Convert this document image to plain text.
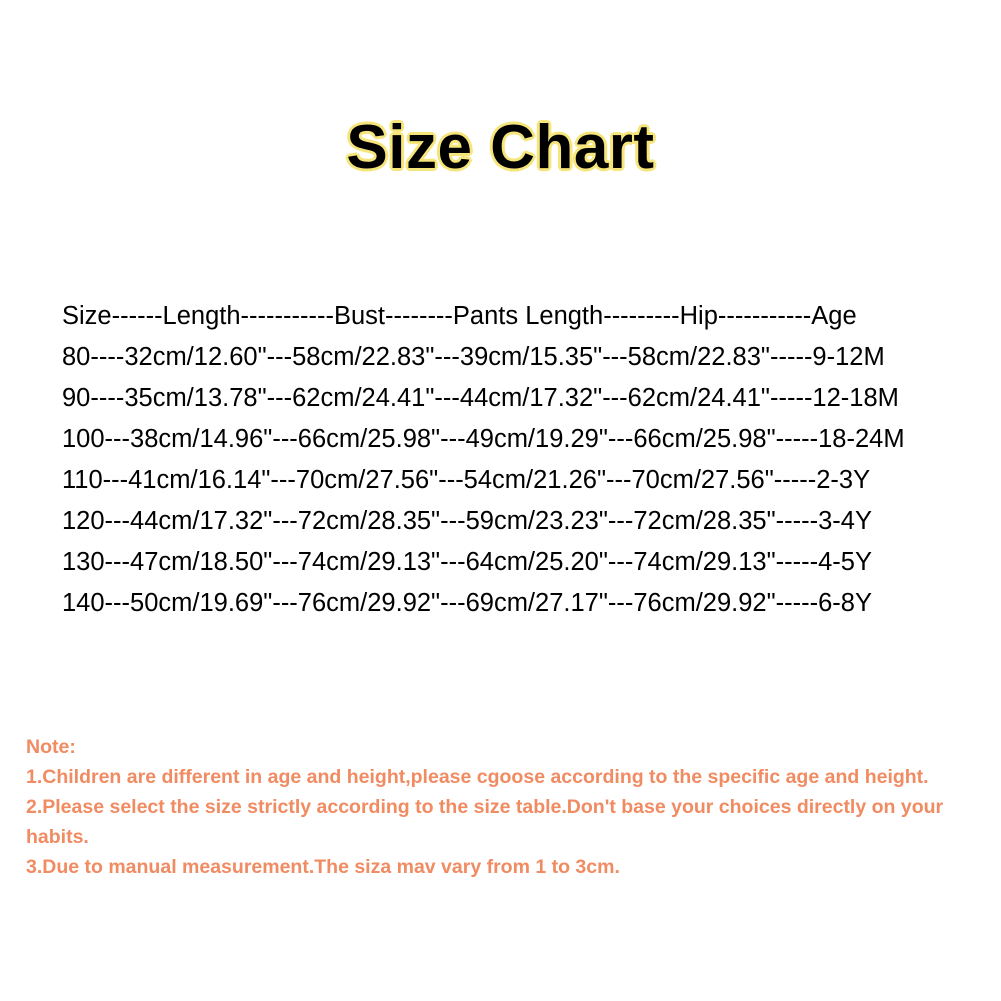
Size Chart
Size------Length-----------Bust--------Pants Length---------Hip-----------Age
80----32cm/12.60"---58cm/22.83"---39cm/15.35"---58cm/22.83"-----9-12M
90----35cm/13.78"---62cm/24.41"---44cm/17.32"---62cm/24.41"-----12-18M
100---38cm/14.96"---66cm/25.98"---49cm/19.29"---66cm/25.98"-----18-24M
110---41cm/16.14"---70cm/27.56"---54cm/21.26"---70cm/27.56"-----2-3Y
120---44cm/17.32"---72cm/28.35"---59cm/23.23"---72cm/28.35"-----3-4Y
130---47cm/18.50"---74cm/29.13"---64cm/25.20"---74cm/29.13"-----4-5Y
140---50cm/19.69"---76cm/29.92"---69cm/27.17"---76cm/29.92"-----6-8Y
Note:
1.Children are different in age and height,please cgoose according to the specific age and height.
2.Please select the size strictly according to the size table.Don't base your choices directly on your habits.
3.Due to manual measurement.The siza mav vary from 1 to 3cm.
